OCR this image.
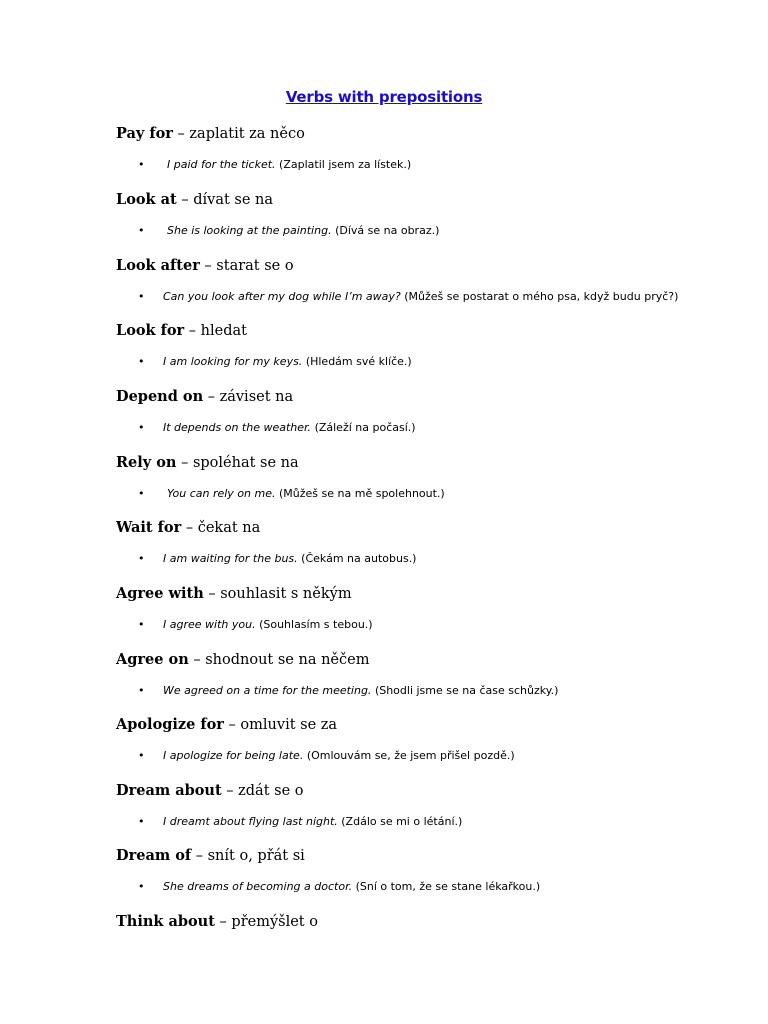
Verbs with prepositions
Pay for – zaplatit za něco
• I paid for the ticket. (Zaplatil jsem za lístek.)
Look at – dívat se na
• She is looking at the painting. (Dívá se na obraz.)
Look after – starat se o
• Can you look after my dog while I’m away? (Můžeš se postarat o mého psa, když budu pryč?)
Look for – hledat
• I am looking for my keys. (Hledám své klíče.)
Depend on – záviset na
• It depends on the weather. (Záleží na počasí.)
Rely on – spoléhat se na
• You can rely on me. (Můžeš se na mě spolehnout.)
Wait for – čekat na
• I am waiting for the bus. (Čekám na autobus.)
Agree with – souhlasit s někým
• I agree with you. (Souhlasím s tebou.)
Agree on – shodnout se na něčem
• We agreed on a time for the meeting. (Shodli jsme se na čase schůzky.)
Apologize for – omluvit se za
• I apologize for being late. (Omlouvám se, že jsem přišel pozdě.)
Dream about – zdát se o
• I dreamt about flying last night. (Zdálo se mi o létání.)
Dream of – snít o, přát si
• She dreams of becoming a doctor. (Sní o tom, že se stane lékařkou.)
Think about – přemýšlet o
